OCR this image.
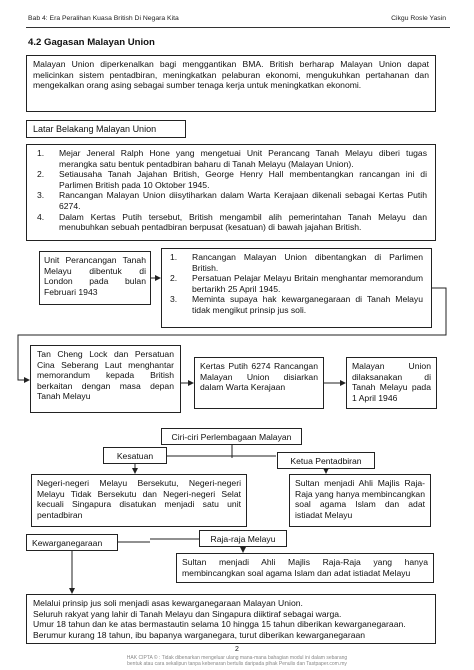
Bab 4: Era Peralihan Kuasa British Di Negara Kita	Cikgu Rosle Yasin
4.2 Gagasan Malayan Union
Malayan Union diperkenalkan bagi menggantikan BMA. British berharap Malayan Union dapat melicinkan sistem pentadbiran, meningkatkan pelaburan ekonomi, mengukuhkan pertahanan dan mengekalkan orang asing sebagai sumber tenaga kerja untuk meningkatkan ekonomi.
Latar Belakang Malayan Union
1. Mejar Jeneral Ralph Hone yang mengetuai Unit Perancang Tanah Melayu diberi tugas merangka satu bentuk pentadbiran baharu di Tanah Melayu (Malayan Union).
2. Setiausaha Tanah Jajahan British, George Henry Hall membentangkan rancangan ini di Parlimen British pada 10 Oktober 1945.
3. Rancangan Malayan Union diisytiharkan dalam Warta Kerajaan dikenali sebagai Kertas Putih 6274.
4. Dalam Kertas Putih tersebut, British mengambil alih pemerintahan Tanah Melayu dan menubuhkan sebuah pentadbiran berpusat (kesatuan) di bawah jajahan British.
Unit Perancangan Tanah Melayu dibentuk di London pada bulan Februari 1943
1. Rancangan Malayan Union dibentangkan di Parlimen British.
2. Persatuan Pelajar Melayu Britain menghantar memorandum bertarikh 25 April 1945.
3. Meminta supaya hak kewarganegaraan di Tanah Melayu tidak mengikut prinsip jus soli.
Tan Cheng Lock dan Persatuan Cina Seberang Laut menghantar memorandum kepada British berkaitan dengan masa depan Tanah Melayu
Kertas Putih 6274 Rancangan Malayan Union disiarkan dalam Warta Kerajaan
Malayan Union dilaksanakan di Tanah Melayu pada 1 April 1946
Ciri-ciri Perlembagaan Malayan
Kesatuan
Negeri-negeri Melayu Bersekutu, Negeri-negeri Melayu Tidak Bersekutu dan Negeri-negeri Selat kecuali Singapura disatukan menjadi satu unit pentadbiran
Ketua Pentadbiran
Sultan menjadi Ahli Majlis Raja-Raja yang hanya membincangkan soal agama Islam dan adat istiadat Melayu
Kewarganegaraan	Raja-raja Melayu
Sultan menjadi Ahli Majlis Raja-Raja yang hanya membincangkan soal agama Islam dan adat istiadat Melayu
Melalui prinsip jus soli menjadi asas kewarganegaraan Malayan Union.
Seluruh rakyat yang lahir di Tanah Melayu dan Singapura diiktiraf sebagai warga.
Umur 18 tahun dan ke atas bermastautin selama 10 hingga 15 tahun diberikan kewarganegaraan.
Berumur kurang 18 tahun, ibu bapanya warganegara, turut diberikan kewarganegaraan
2
HAK CIPTA © : Tidak dibenarkan mengeluar ulang mana-mana bahagian modul ini dalam sebarang
bentuk atau cara sekalipun tanpa kebenaran bertulis daripada pihak Penulis dan Tastpaper.com.my
